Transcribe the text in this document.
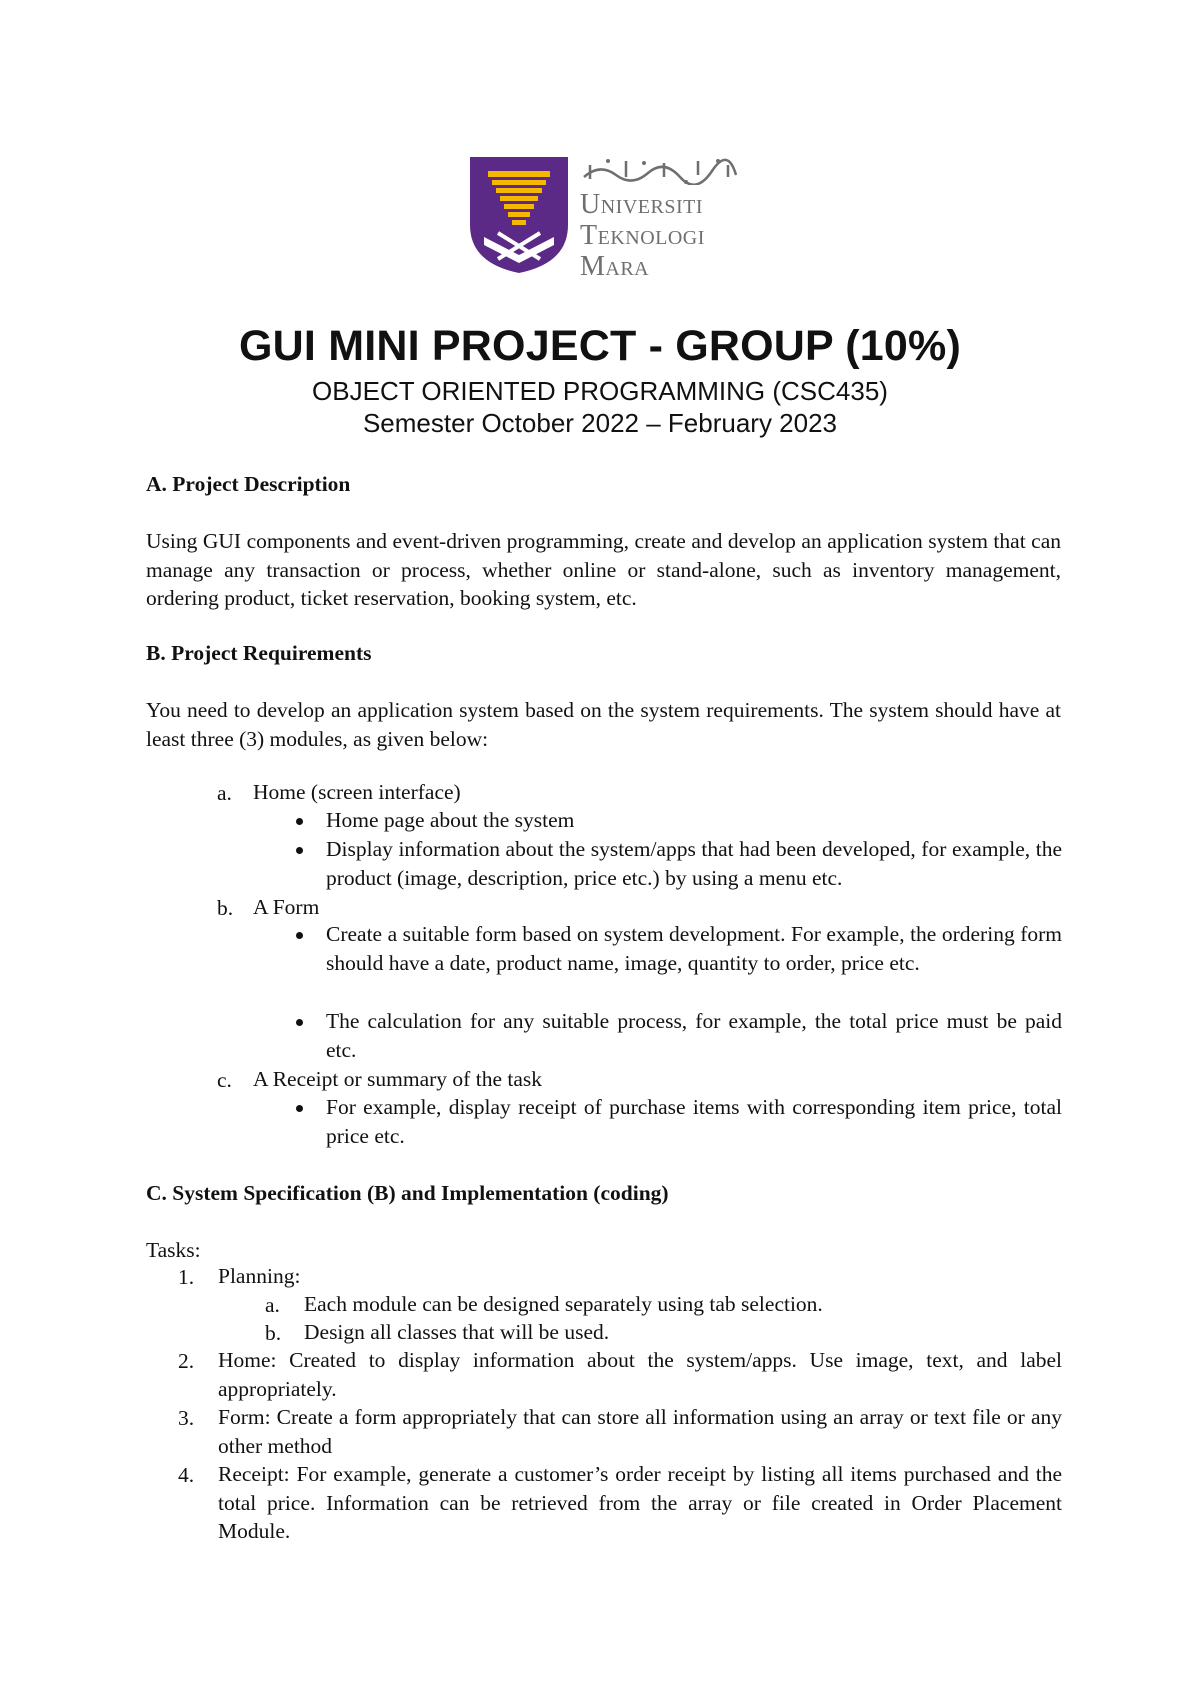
Universiti
Teknologi
Mara
GUI MINI PROJECT - GROUP (10%)
OBJECT ORIENTED PROGRAMMING (CSC435)
Semester October 2022 – February 2023
A. Project Description
Using GUI components and event-driven programming, create and develop an application system that can manage any transaction or process, whether online or stand-alone, such as inventory management, ordering product, ticket reservation, booking system, etc.
B. Project Requirements
You need to develop an application system based on the system requirements. The system should have at least three (3) modules, as given below:
a. Home (screen interface)
Home page about the system
Display information about the system/apps that had been developed, for example, the product (image, description, price etc.) by using a menu etc.
b. A Form
Create a suitable form based on system development. For example, the ordering form should have a date, product name, image, quantity to order, price etc.
The calculation for any suitable process, for example, the total price must be paid etc.
c. A Receipt or summary of the task
For example, display receipt of purchase items with corresponding item price, total price etc.
C. System Specification (B) and Implementation (coding)
Tasks:
1. Planning:
a. Each module can be designed separately using tab selection.
b. Design all classes that will be used.
2. Home: Created to display information about the system/apps. Use image, text, and label appropriately.
3. Form: Create a form appropriately that can store all information using an array or text file or any other method
4. Receipt: For example, generate a customer’s order receipt by listing all items purchased and the total price. Information can be retrieved from the array or file created in Order Placement Module.
